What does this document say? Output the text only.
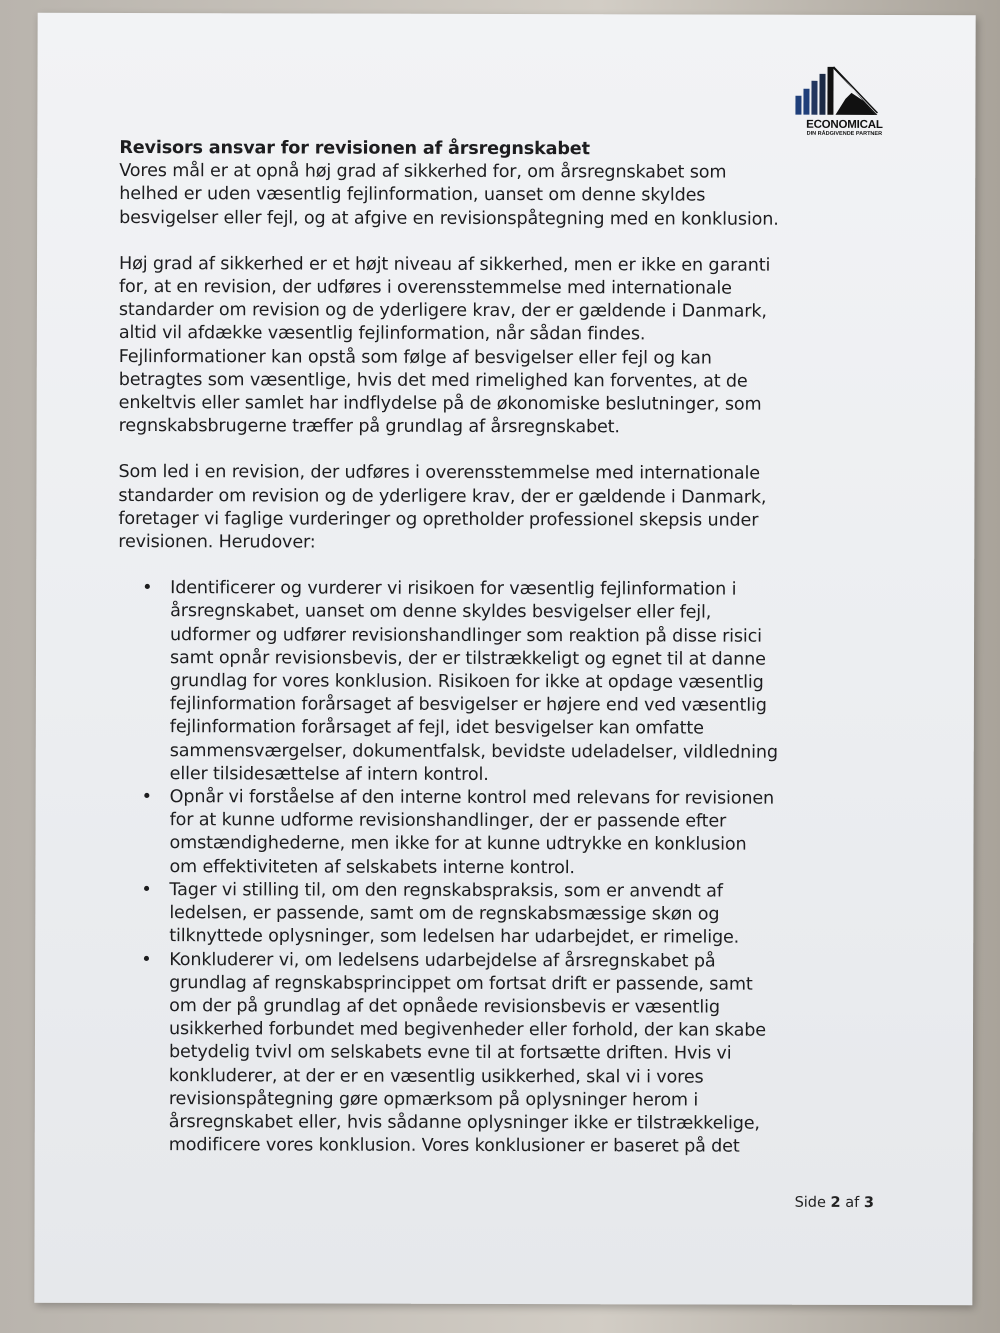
ECONOMICAL
DIN RÅDGIVENDE PARTNER
Revisors ansvar for revisionen af årsregnskabet
Vores mål er at opnå høj grad af sikkerhed for, om årsregnskabet som
helhed er uden væsentlig fejlinformation, uanset om denne skyldes
besvigelser eller fejl, og at afgive en revisionspåtegning med en konklusion.
Høj grad af sikkerhed er et højt niveau af sikkerhed, men er ikke en garanti
for, at en revision, der udføres i overensstemmelse med internationale
standarder om revision og de yderligere krav, der er gældende i Danmark,
altid vil afdække væsentlig fejlinformation, når sådan findes.
Fejlinformationer kan opstå som følge af besvigelser eller fejl og kan
betragtes som væsentlige, hvis det med rimelighed kan forventes, at de
enkeltvis eller samlet har indflydelse på de økonomiske beslutninger, som
regnskabsbrugerne træffer på grundlag af årsregnskabet.
Som led i en revision, der udføres i overensstemmelse med internationale
standarder om revision og de yderligere krav, der er gældende i Danmark,
foretager vi faglige vurderinger og opretholder professionel skepsis under
revisionen. Herudover:
• Identificerer og vurderer vi risikoen for væsentlig fejlinformation i
årsregnskabet, uanset om denne skyldes besvigelser eller fejl,
udformer og udfører revisionshandlinger som reaktion på disse risici
samt opnår revisionsbevis, der er tilstrækkeligt og egnet til at danne
grundlag for vores konklusion. Risikoen for ikke at opdage væsentlig
fejlinformation forårsaget af besvigelser er højere end ved væsentlig
fejlinformation forårsaget af fejl, idet besvigelser kan omfatte
sammensværgelser, dokumentfalsk, bevidste udeladelser, vildledning
eller tilsidesættelse af intern kontrol.
• Opnår vi forståelse af den interne kontrol med relevans for revisionen
for at kunne udforme revisionshandlinger, der er passende efter
omstændighederne, men ikke for at kunne udtrykke en konklusion
om effektiviteten af selskabets interne kontrol.
• Tager vi stilling til, om den regnskabspraksis, som er anvendt af
ledelsen, er passende, samt om de regnskabsmæssige skøn og
tilknyttede oplysninger, som ledelsen har udarbejdet, er rimelige.
• Konkluderer vi, om ledelsens udarbejdelse af årsregnskabet på
grundlag af regnskabsprincippet om fortsat drift er passende, samt
om der på grundlag af det opnåede revisionsbevis er væsentlig
usikkerhed forbundet med begivenheder eller forhold, der kan skabe
betydelig tvivl om selskabets evne til at fortsætte driften. Hvis vi
konkluderer, at der er en væsentlig usikkerhed, skal vi i vores
revisionspåtegning gøre opmærksom på oplysninger herom i
årsregnskabet eller, hvis sådanne oplysninger ikke er tilstrækkelige,
modificere vores konklusion. Vores konklusioner er baseret på det
Side 2 af 3
